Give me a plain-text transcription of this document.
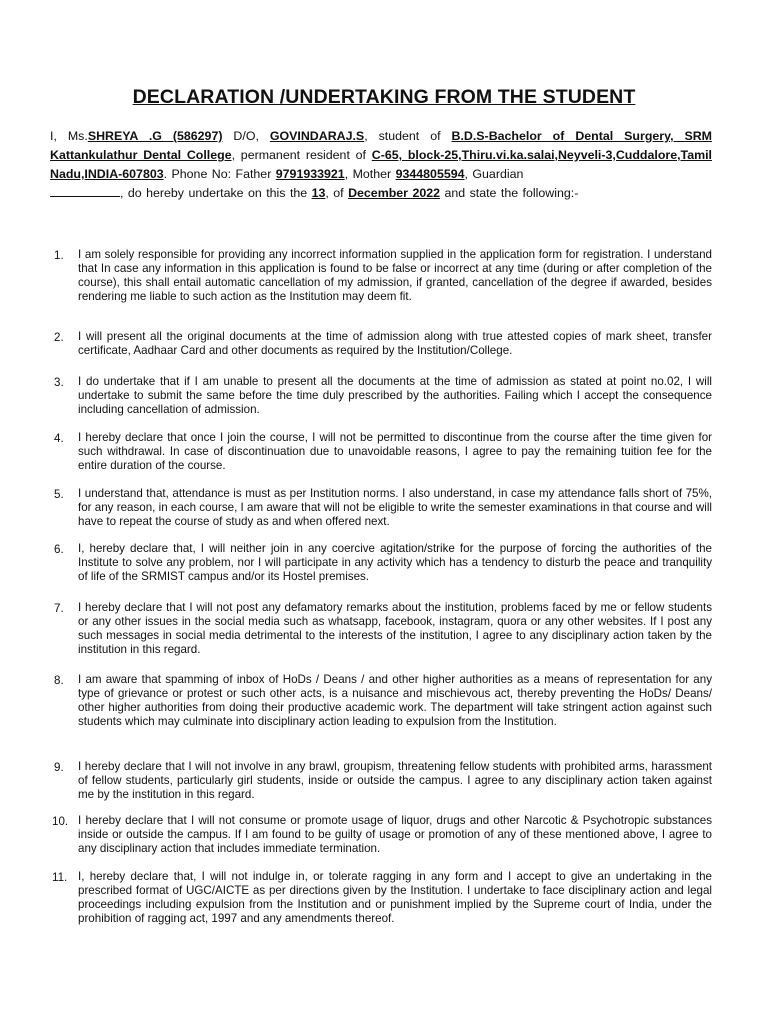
DECLARATION /UNDERTAKING FROM THE STUDENT
I, Ms.SHREYA .G (586297) D/O, GOVINDARAJ.S, student of B.D.S-Bachelor of Dental Surgery, SRM Kattankulathur Dental College, permanent resident of C-65, block-25,Thiru.vi.ka.salai,Neyveli-3,Cuddalore,Tamil Nadu,INDIA-607803. Phone No: Father 9791933921, Mother 9344805594, Guardian
, do hereby undertake on this the 13, of December 2022 and state the following:-
1.	I am solely responsible for providing any incorrect information supplied in the application form for registration. I understand that In case any information in this application is found to be false or incorrect at any time (during or after completion of the course), this shall entail automatic cancellation of my admission, if granted, cancellation of the degree if awarded, besides rendering me liable to such action as the Institution may deem fit.
2.	I will present all the original documents at the time of admission along with true attested copies of mark sheet, transfer certificate, Aadhaar Card and other documents as required by the Institution/College.
3.	I do undertake that if I am unable to present all the documents at the time of admission as stated at point no.02, I will undertake to submit the same before the time duly prescribed by the authorities. Failing which I accept the consequence including cancellation of admission.
4.	I hereby declare that once I join the course, I will not be permitted to discontinue from the course after the time given for such withdrawal. In case of discontinuation due to unavoidable reasons, I agree to pay the remaining tuition fee for the entire duration of the course.
5.	I understand that, attendance is must as per Institution norms. I also understand, in case my attendance falls short of 75%, for any reason, in each course, I am aware that will not be eligible to write the semester examinations in that course and will have to repeat the course of study as and when offered next.
6.	I, hereby declare that, I will neither join in any coercive agitation/strike for the purpose of forcing the authorities of the Institute to solve any problem, nor I will participate in any activity which has a tendency to disturb the peace and tranquility of life of the SRMIST campus and/or its Hostel premises.
7.	I hereby declare that I will not post any defamatory remarks about the institution, problems faced by me or fellow students or any other issues in the social media such as whatsapp, facebook, instagram, quora or any other websites. If I post any such messages in social media detrimental to the interests of the institution, I agree to any disciplinary action taken by the institution in this regard.
8.	I am aware that spamming of inbox of HoDs / Deans / and other higher authorities as a means of representation for any type of grievance or protest or such other acts, is a nuisance and mischievous act, thereby preventing the HoDs/ Deans/ other higher authorities from doing their productive academic work. The department will take stringent action against such students which may culminate into disciplinary action leading to expulsion from the Institution.
9.	I hereby declare that I will not involve in any brawl, groupism, threatening fellow students with prohibited arms, harassment of fellow students, particularly girl students, inside or outside the campus. I agree to any disciplinary action taken against me by the institution in this regard.
10. I hereby declare that I will not consume or promote usage of liquor, drugs and other Narcotic & Psychotropic substances inside or outside the campus. If I am found to be guilty of usage or promotion of any of these mentioned above, I agree to any disciplinary action that includes immediate termination.
11. I, hereby declare that, I will not indulge in, or tolerate ragging in any form and I accept to give an undertaking in the prescribed format of UGC/AICTE as per directions given by the Institution. I undertake to face disciplinary action and legal proceedings including expulsion from the Institution and or punishment implied by the Supreme court of India, under the prohibition of ragging act, 1997 and any amendments thereof.
